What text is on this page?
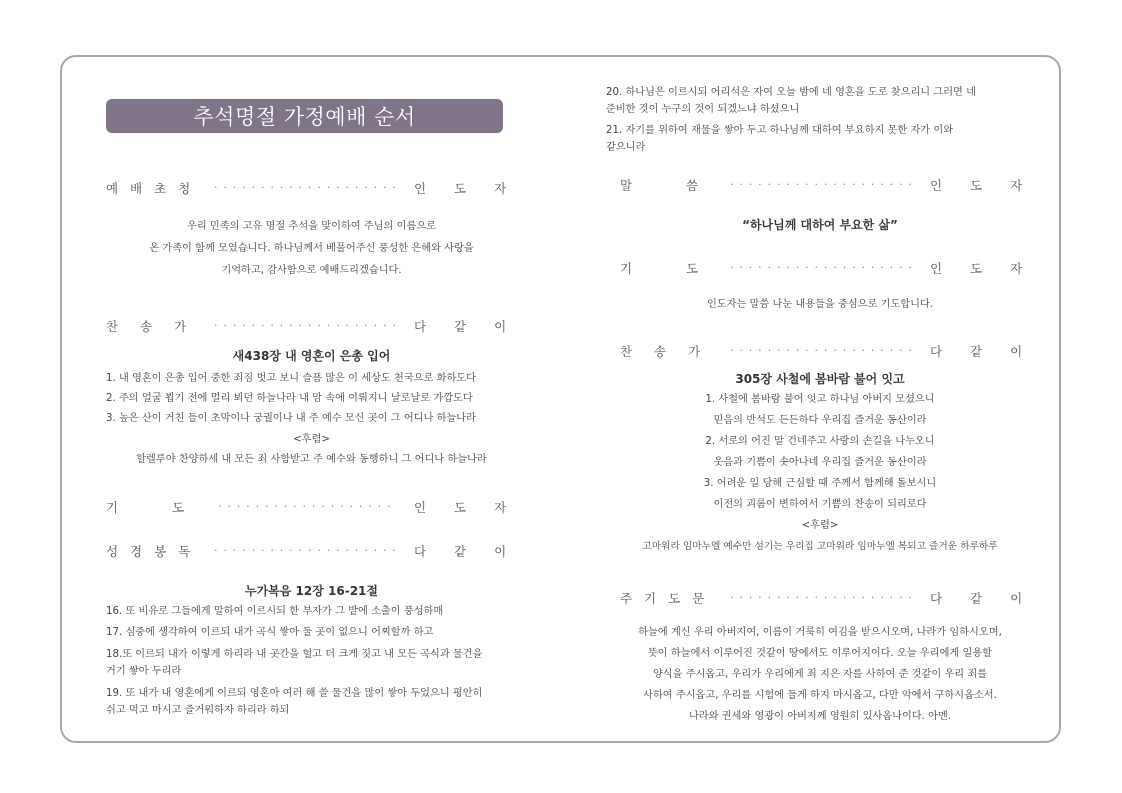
추석명절 가정예배 순서
예 배 초 청 · · · · · · · · · · · · · · · · · · · · 인 도 자
우리 민족의 고유 명절 추석을 맞이하여 주님의 이름으로
온 가족이 함께 모였습니다. 하나님께서 베풀어주신 풍성한 은혜와 사랑을
기억하고, 감사함으로 예배드리겠습니다.
찬 송 가	· · · · · · · · · · · · · · · · · · · · 다 같 이
새438장 내 영혼이 은총 입어
1. 내 영혼이 은총 입어 중한 죄짐 벗고 보니 슬픔 많은 이 세상도 천국으로 화하도다
2. 주의 얼굴 뵙기 전에 멀리 뵈던 하늘나라 내 맘 속에 이뤄지니 날로날로 가깝도다
3. 높은 산이 거친 들이 초막이나 궁궐이나 내 주 예수 모신 곳이 그 어디나 하늘나라
<후렴>
할렐루야 찬양하세 내 모든 죄 사함받고 주 예수와 동행하니 그 어디나 하늘나라
기 도	· · · · · · · · · · · · · · · · · · · 인 도 자
성 경 봉 독 · · · · · · · · · · · · · · · · · · · · 다 같 이
누가복음 12장 16-21절
16. 또 비유로 그들에게 말하여 이르시되 한 부자가 그 밭에 소출이 풍성하매
17. 심중에 생각하여 이르되 내가 곡식 쌓아 둘 곳이 없으니 어찌할까 하고
18.또 이르되 내가 이렇게 하리라 내 곳간을 헐고 더 크게 짓고 내 모든 곡식과 물건을
거기 쌓아 두리라
19. 또 내가 내 영혼에게 이르되 영혼아 여러 해 쓸 물건을 많이 쌓아 두었으니 평안히
쉬고 먹고 마시고 즐거워하자 하리라 하되
20. 하나님은 이르시되 어리석은 자여 오늘 밤에 네 영혼을 도로 찾으리니 그러면 네
준비한 것이 누구의 것이 되겠느냐 하셨으니
21. 자기를 위하여 재물을 쌓아 두고 하나님께 대하여 부요하지 못한 자가 이와
같으니라
말 씀	· · · · · · · · · · · · · · · · · · · · 인 도 자
“하나님께 대하여 부요한 삶”
기 도	· · · · · · · · · · · · · · · · · · · · 인 도 자
인도자는 말씀 나눈 내용들을 중심으로 기도합니다.
찬 송 가	· · · · · · · · · · · · · · · · · · · · 다 같 이
305장 사철에 봄바람 불어 잇고
1. 사철에 봄바람 불어 잇고 하나님 아버지 모셨으니
믿음의 반석도 든든하다 우리집 즐거운 동산이라
2. 서로의 어진 말 건네주고 사랑의 손길을 나누오니
웃음과 기쁨이 솟아나네 우리집 즐거운 동산이라
3. 어려운 일 당해 근심할 때 주께서 함께해 돌보시니
이전의 괴롬이 변하여서 기쁨의 찬송이 되리로다
<후렴>
고마워라 임마누엘 예수만 섬기는 우리집 고마워라 임마누엘 복되고 즐거운 하루하루
주 기 도 문 · · · · · · · · · · · · · · · · · · · · 다 같 이
하늘에 계신 우리 아버지여, 이름이 거룩히 여김을 받으시오며, 나라가 임하시오며,
뜻이 하늘에서 이루어진 것같이 땅에서도 이루어지이다. 오늘 우리에게 일용할
양식을 주시옵고, 우리가 우리에게 죄 지은 자를 사하여 준 것같이 우리 죄를
사하여 주시옵고, 우리를 시험에 들게 하지 마시옵고, 다만 악에서 구하시옵소서.
나라와 권세와 영광이 아버지께 영원히 있사옵나이다. 아멘.
